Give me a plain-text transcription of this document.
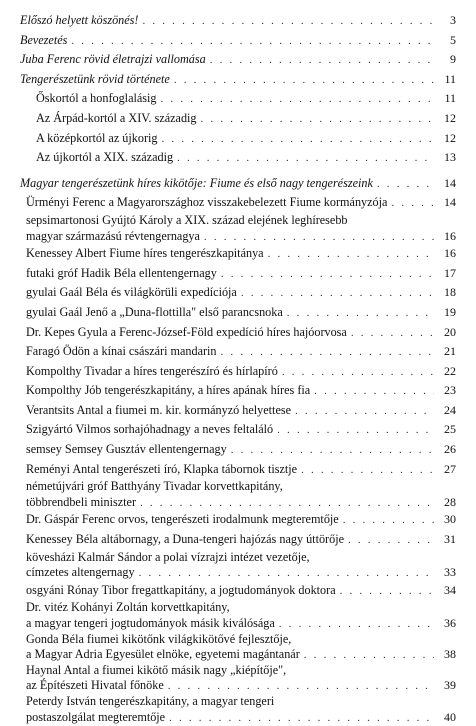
Előszó helyett köszönés! . . .	3
Bevezetés . . .	5
Juba Ferenc rövid életrajzi vallomása . . .	9
Tengerészetünk rövid története . . .	11
Őskortól a honfoglalásig . . .	11
Az Árpád-kortól a XIV. századig . . .	12
A középkortól az újkorig . . .	12
Az újkortól a XIX. századig . . .	13
Magyar tengerészetünk híres kikötője: Fiume és első nagy tengerészeink . . .	14
Ürményi Ferenc a Magyarországhoz visszakebelezett Fiume kormányzója . . .	14
sepsimartonosi Gyújtó Károly a XIX. század elejének leghíresebb
magyar származású révtengernagya . . .	16
Kenessey Albert Fiume híres tengerészkapitánya . . .	16
futaki gróf Hadik Béla ellentengernagy . . .	17
gyulai Gaál Béla és világkörüli expedíciója . . .	18
gyulai Gaál Jenő a „Duna-flottilla" első parancsnoka . . .	19
Dr. Kepes Gyula a Ferenc-József-Föld expedíció híres hajóorvosa . . .	20
Faragó Ödön a kínai császári mandarin . . .	21
Kompolthy Tivadar a híres tengerészíró és hírlapíró . . .	22
Kompolthy Jób tengerészkapitány, a híres apának híres fia . . .	23
Verantsits Antal a fiumei m. kir. kormányzó helyettese . . .	24
Szigyártó Vilmos sorhajóhadnagy a neves feltaláló . . .	25
semsey Semsey Gusztáv ellentengernagy . . .	26
Reményi Antal tengerészeti író, Klapka tábornok tisztje . . .	27
németújvári gróf Batthyány Tivadar korvettkapitány,
többrendbeli miniszter . . .	28
Dr. Gáspár Ferenc orvos, tengerészeti irodalmunk megteremtője . . .	30
Kenessey Béla altábornagy, a Duna-tengeri hajózás nagy úttörője . . .	31
kövesházi Kalmár Sándor a polai vízrajzi intézet vezetője,
címzetes altengernagy . . .	33
osgyáni Rónay Tibor fregattkapitány, a jogtudományok doktora . . .	34
Dr. vitéz Kohányi Zoltán korvettkapitány,
a magyar tengeri jogtudományok másik kiválósága . . .	36
Gonda Béla fiumei kikötőnk világkikötővé fejlesztője,
a Magyar Adria Egyesület elnöke, egyetemi magántanár . . .	38
Haynal Antal a fiumei kikötő másik nagy „kiépítője",
az Építészeti Hivatal főnöke . . .	39
Peterdy István tengerészkapitány, a magyar tengeri
postaszolgálat megteremtője . . .	40
